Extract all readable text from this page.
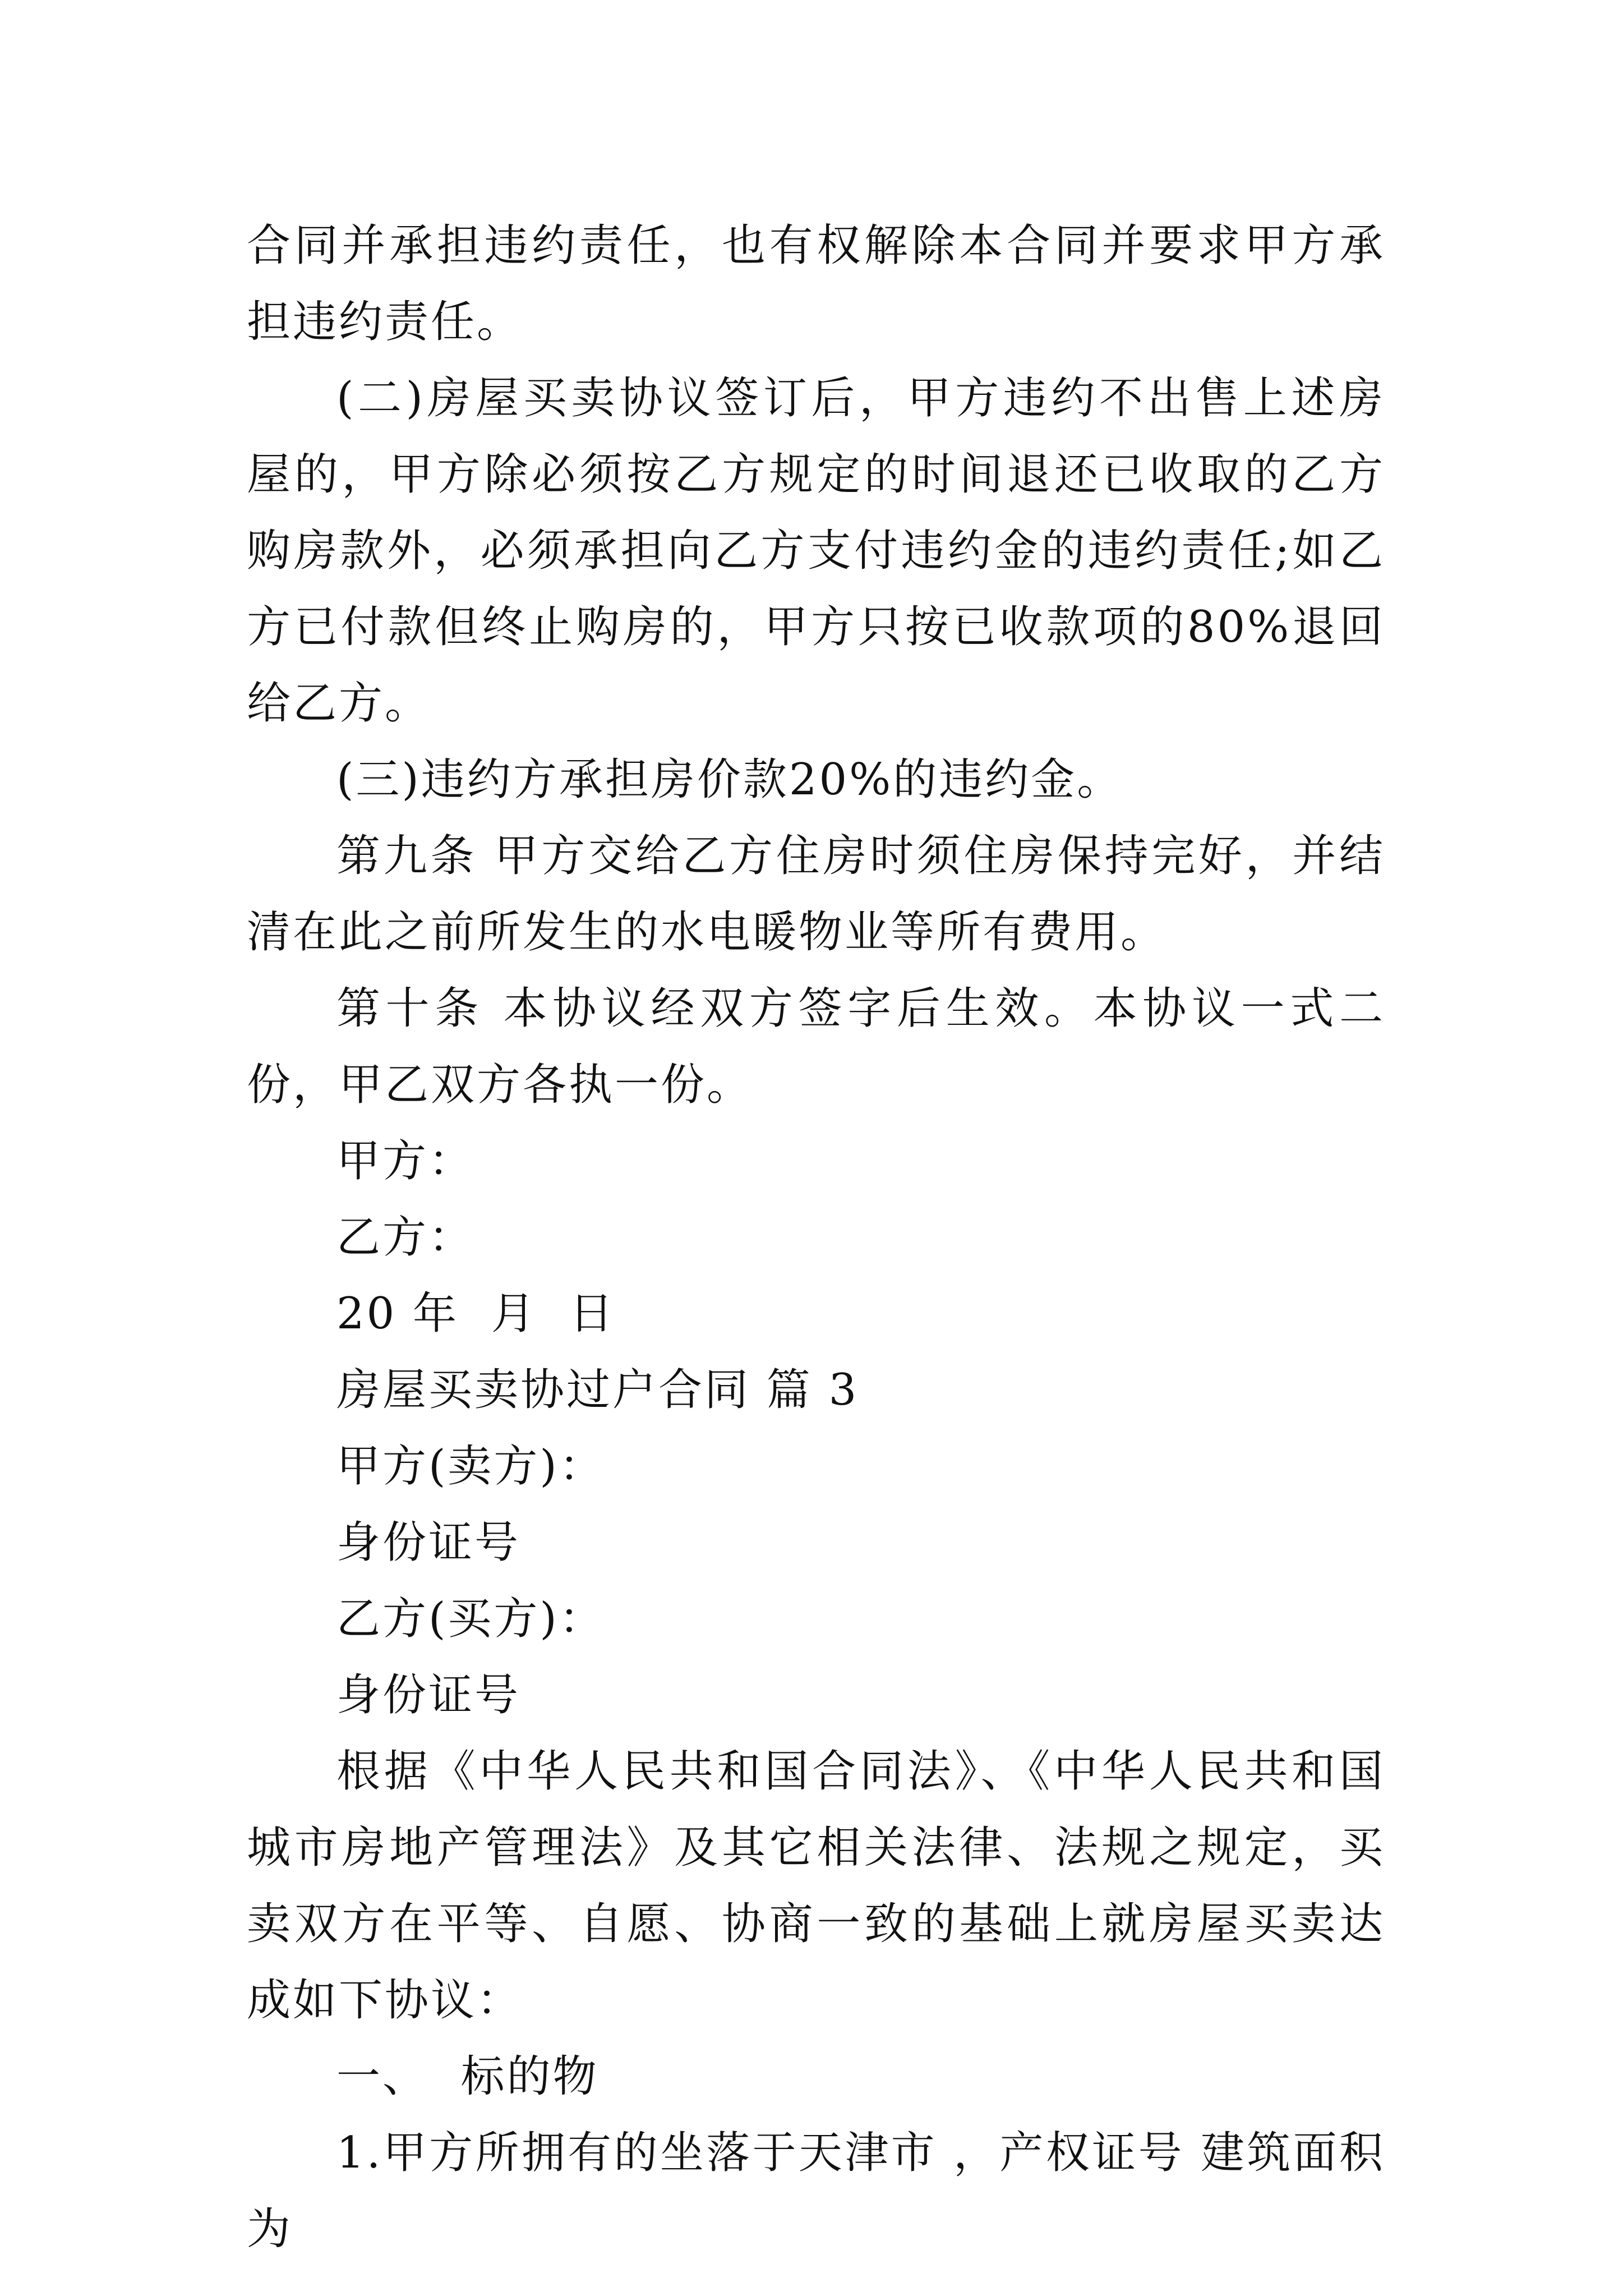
合同并承担违约责任，也有权解除本合同并要求甲方承担违约责任。

(二)房屋买卖协议签订后，甲方违约不出售上述房屋的，甲方除必须按乙方规定的时间退还已收取的乙方购房款外，必须承担向乙方支付违约金的违约责任;如乙方已付款但终止购房的，甲方只按已收款项的80%退回给乙方。

(三)违约方承担房价款20%的违约金。

第九条 甲方交给乙方住房时须住房保持完好，并结清在此之前所发生的水电暖物业等所有费用。

第十条 本协议经双方签字后生效。本协议一式二份，甲乙双方各执一份。

甲方：

乙方：

20 年  月  日

房屋买卖协过户合同 篇 3

甲方(卖方)：

身份证号

乙方(买方)：

身份证号

根据《中华人民共和国合同法》、《中华人民共和国城市房地产管理法》及其它相关法律、法规之规定，买卖双方在平等、自愿、协商一致的基础上就房屋买卖达成如下协议：

一、  标的物

1.甲方所拥有的坐落于天津市 ，产权证号 建筑面积为
